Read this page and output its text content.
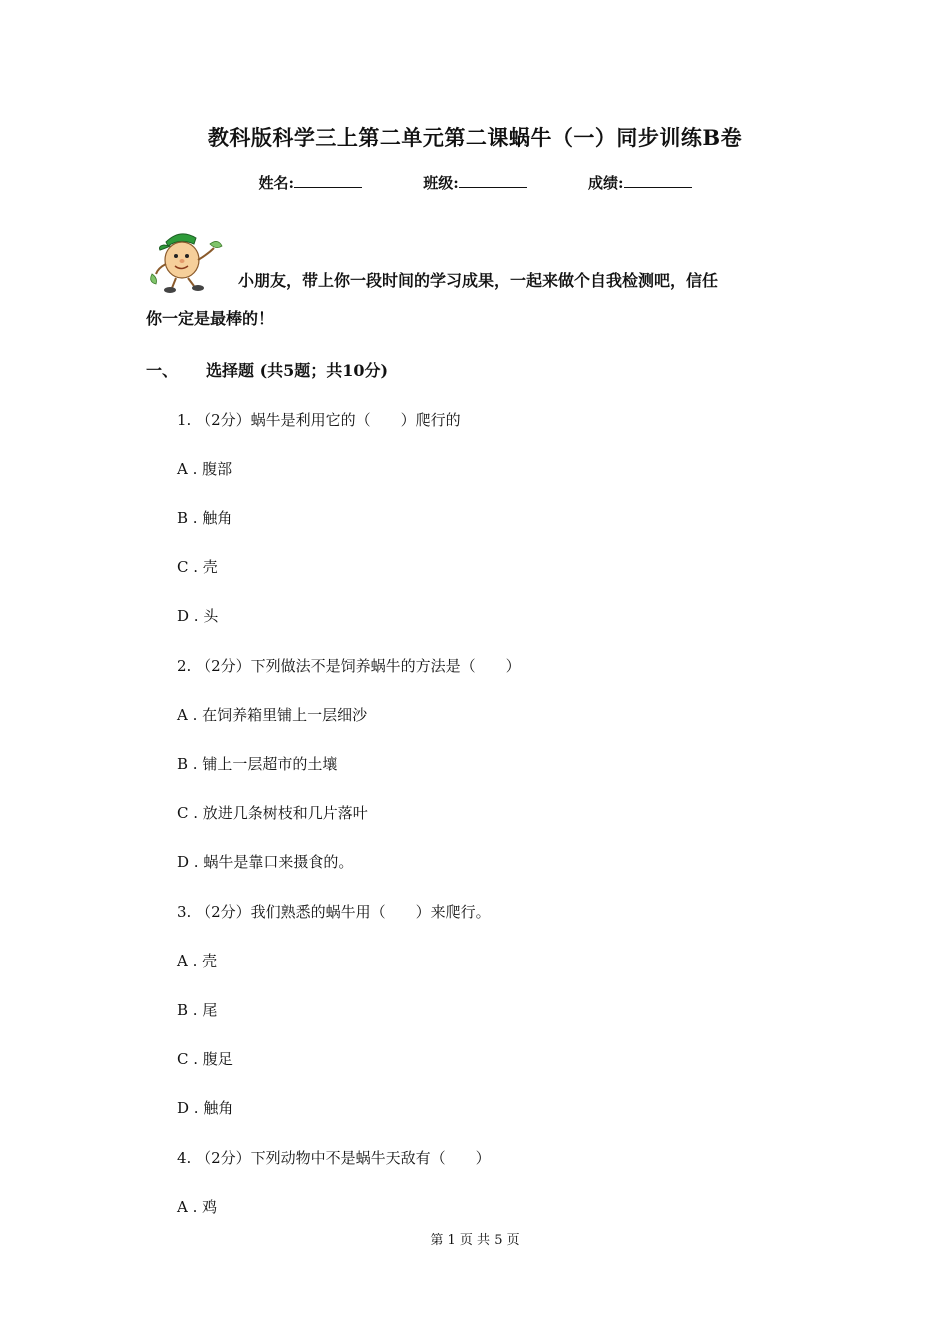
教科版科学三上第二单元第二课蜗牛（一）同步训练B卷
姓名:	班级:	成绩:
小朋友，带上你一段时间的学习成果，一起来做个自我检测吧，信任
你一定是最棒的！
一、 选择题 (共5题；共10分)
1. （2分）蜗牛是利用它的（　　）爬行的
A . 腹部
B . 触角
C . 壳
D . 头
2. （2分）下列做法不是饲养蜗牛的方法是（　　）
A . 在饲养箱里铺上一层细沙
B . 铺上一层超市的土壤
C . 放进几条树枝和几片落叶
D . 蜗牛是靠口来摄食的。
3. （2分）我们熟悉的蜗牛用（　　）来爬行。
A . 壳
B . 尾
C . 腹足
D . 触角
4. （2分）下列动物中不是蜗牛天敌有（　　）
A . 鸡
第 1 页 共 5 页
